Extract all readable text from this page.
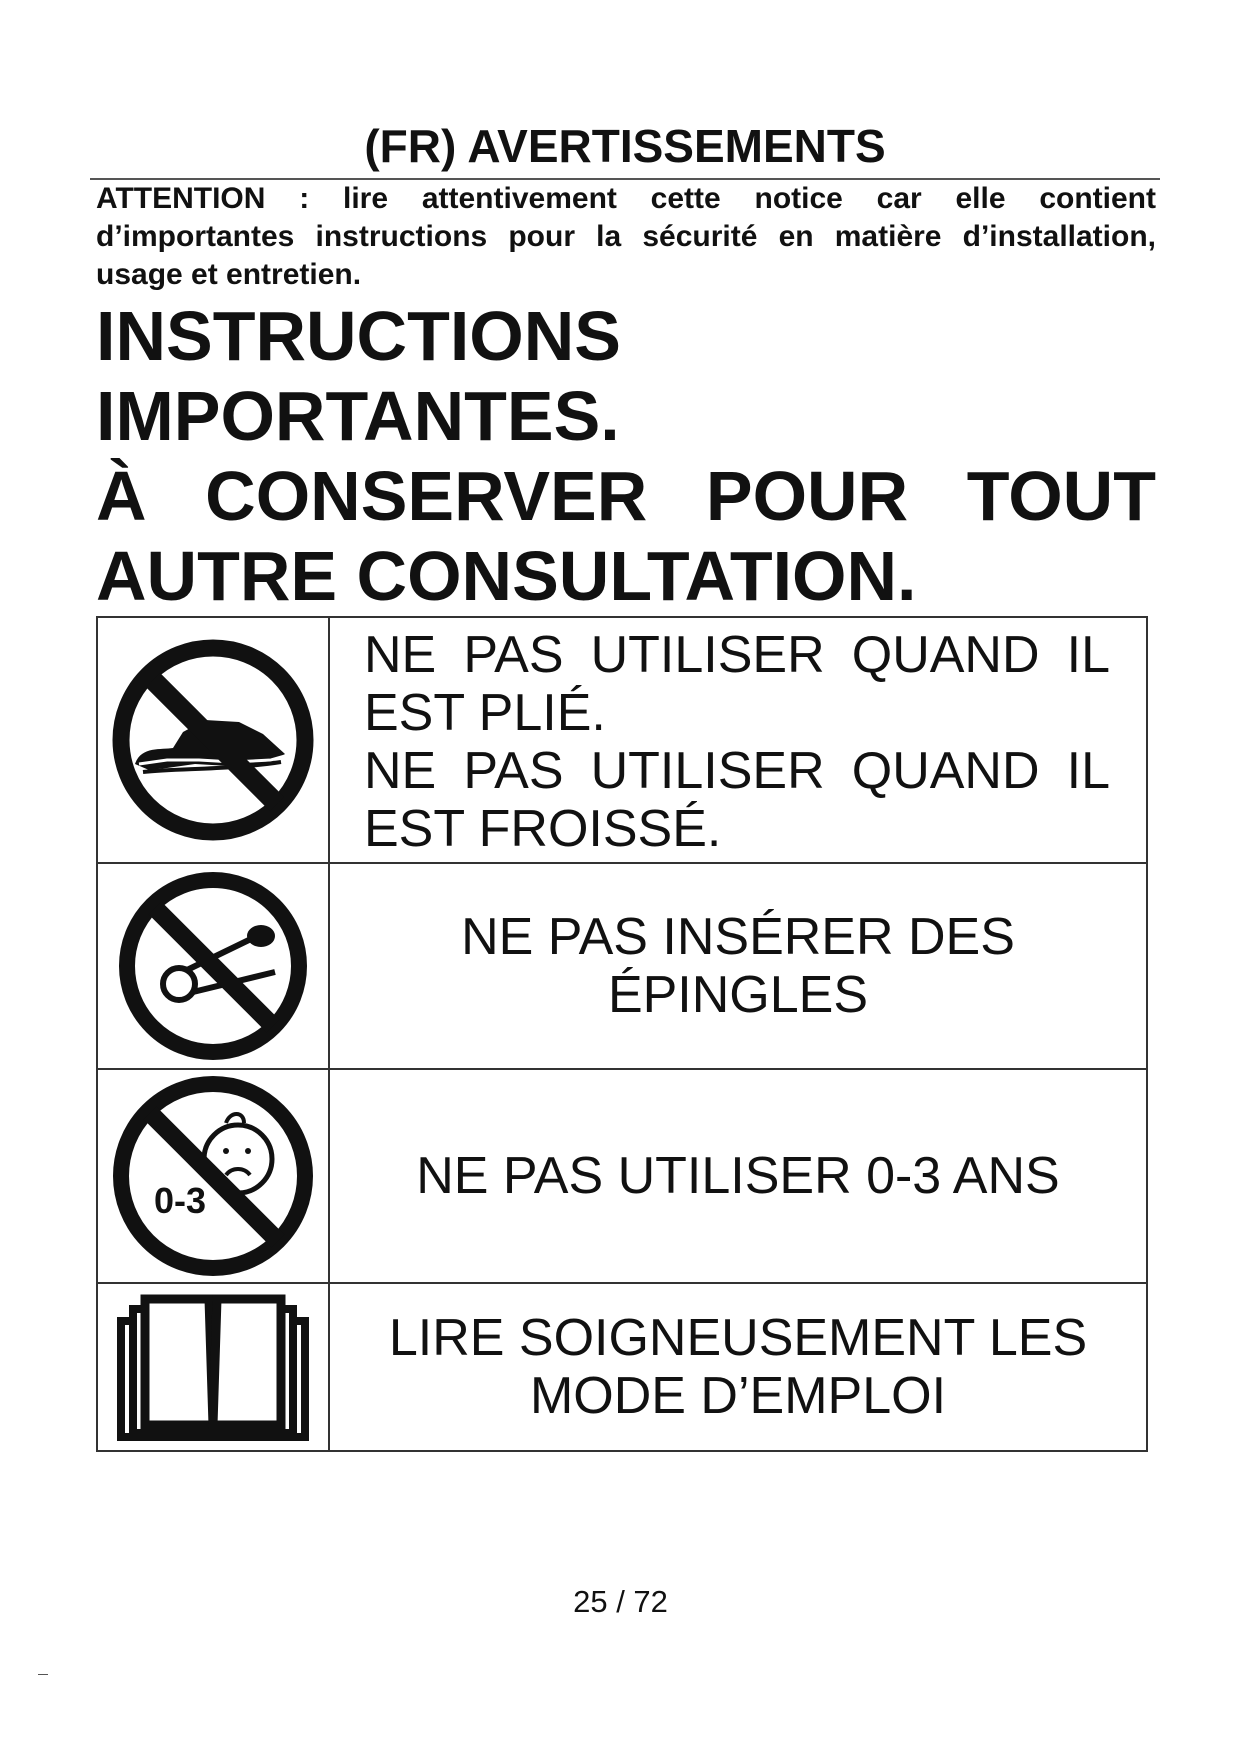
(FR) AVERTISSEMENTS

ATTENTION : lire attentivement cette notice car elle contient
d’importantes instructions pour la sécurité en matière d’installation,
usage et entretien.

INSTRUCTIONS
IMPORTANTES.
À CONSERVER POUR TOUT
AUTRE CONSULTATION.

NE PAS UTILISER QUAND IL
EST PLIÉ.
NE PAS UTILISER QUAND IL
EST FROISSÉ.

NE PAS INSÉRER DES
ÉPINGLES

0-3	NE PAS UTILISER 0-3 ANS

LIRE SOIGNEUSEMENT LES
MODE D’EMPLOI
25 / 72
